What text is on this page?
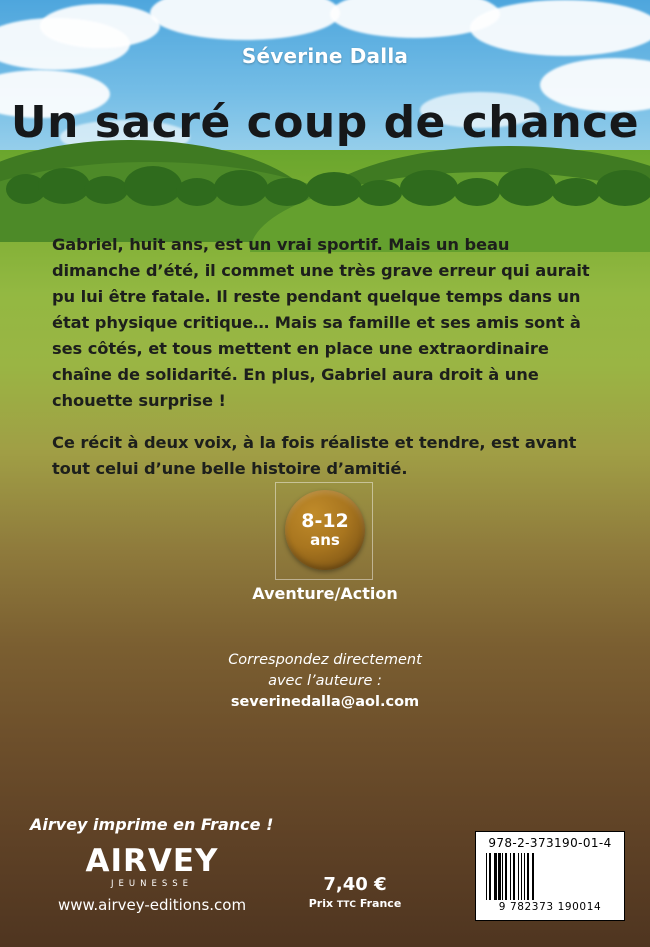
Séverine Dalla
Un sacré coup de chance

Gabriel, huit ans, est un vrai sportif. Mais un beau dimanche d’été, il commet une très grave erreur qui aurait pu lui être fatale. Il reste pendant quelque temps dans un état physique critique… Mais sa famille et ses amis sont à ses côtés, et tous mettent en place une extraordinaire chaîne de solidarité. En plus, Gabriel aura droit à une chouette surprise !

Ce récit à deux voix, à la fois réaliste et tendre, est avant tout celui d’une belle histoire d’amitié.

8-12
ans
Aventure/Action
Correspondez directement
avec l’auteure :
severinedalla@aol.com
Airvey imprime en France !
AIRVEY
JEUNESSE
www.airvey-editions.com
7,40 €
Prix TTC France
978-2-373190-01-4
9 782373 190014
